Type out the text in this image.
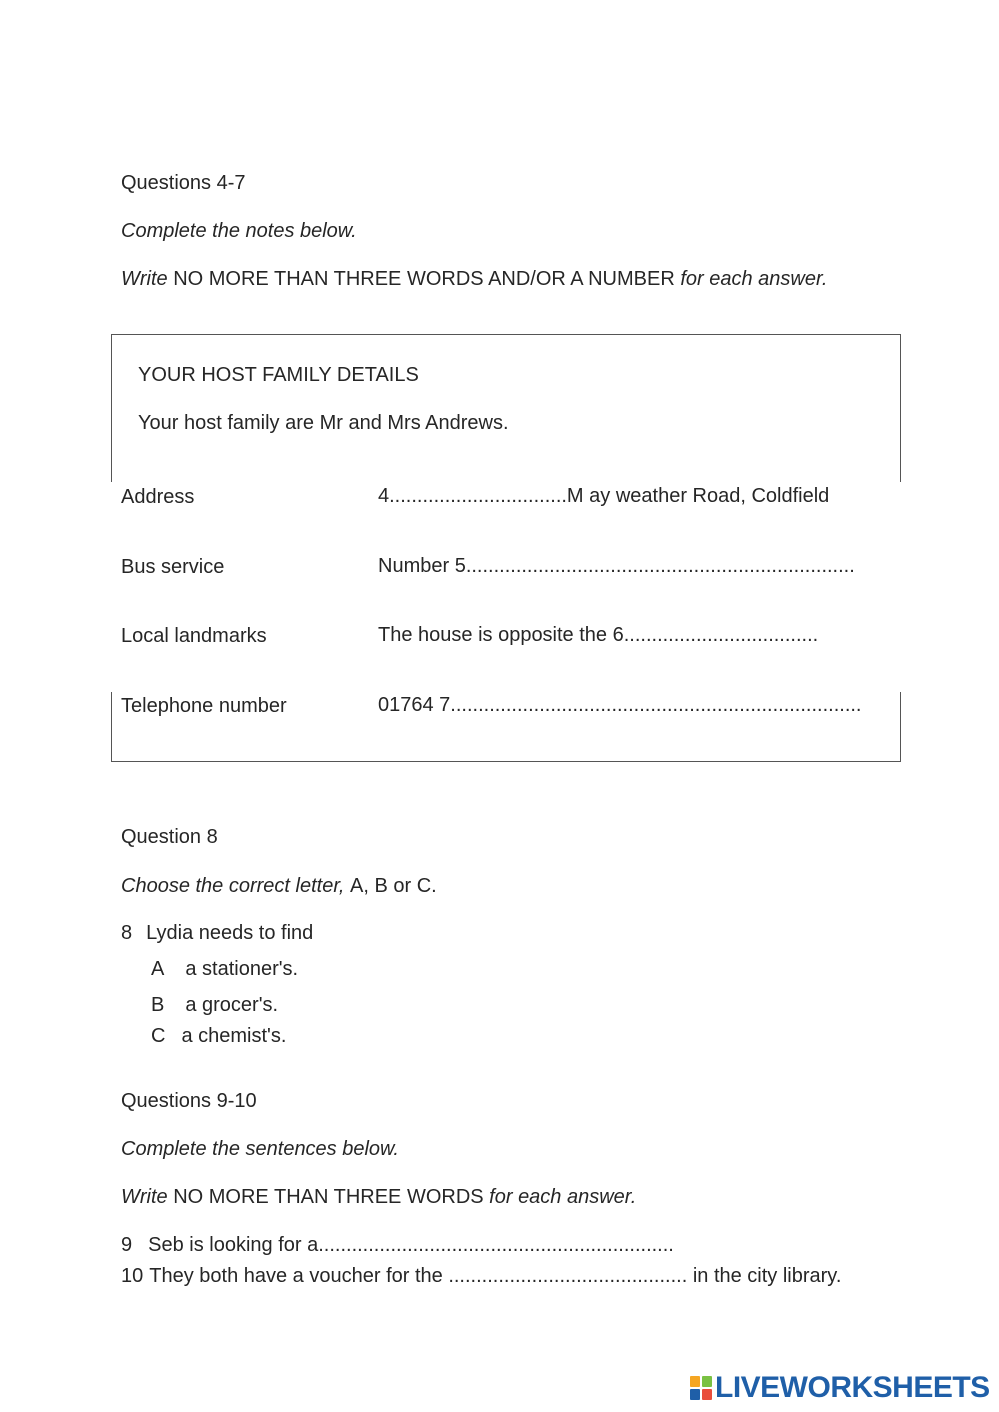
Questions 4-7
Complete the notes below.
Write NO MORE THAN THREE WORDS AND/OR A NUMBER for each answer.
YOUR HOST FAMILY DETAILS
Your host family are Mr and Mrs Andrews.
Address	4................................M ay weather Road, Coldfield
Bus service	Number 5......................................................................
Local landmarks	The house is opposite the 6...................................
Telephone number	01764 7..........................................................................
Question 8
Choose the correct letter, A, B or C.
8 Lydia needs to find
A a stationer's.
B a grocer's.
C a chemist's.
Questions 9-10
Complete the sentences below.
Write NO MORE THAN THREE WORDS for each answer.
9 Seb is looking for a................................................................
10 They both have a voucher for the ........................................... in the city library.
LIVEWORKSHEETS
